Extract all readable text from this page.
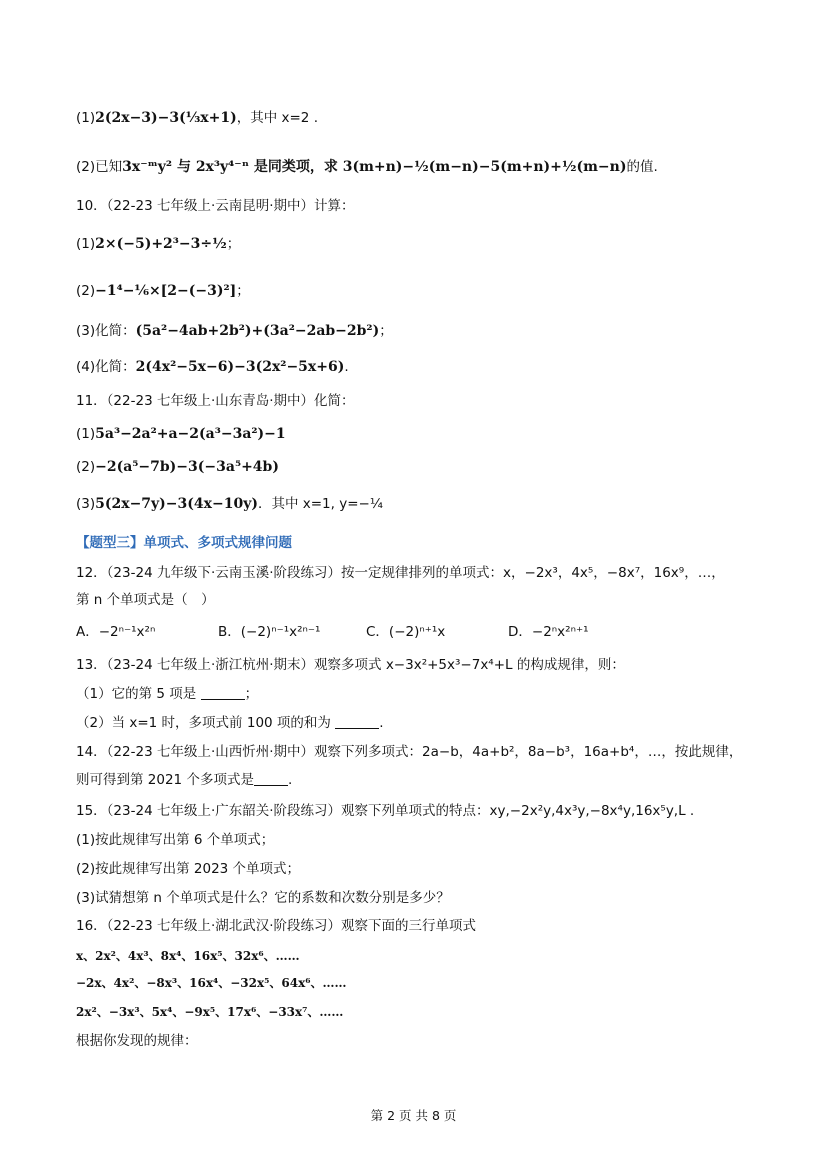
(1)2(2x−3)−3(⅓x+1)，其中 x=2 .
(2)已知3x⁻ᵐy² 与 2x³y⁴⁻ⁿ 是同类项，求 3(m+n)−½(m−n)−5(m+n)+½(m−n)的值.
10．（22-23 七年级上·云南昆明·期中）计算：
(1)2×(−5)+2³−3÷½；
(2)−1⁴−⅙×[2−(−3)²]；
(3)化简：(5a²−4ab+2b²)+(3a²−2ab−2b²)；
(4)化简：2(4x²−5x−6)−3(2x²−5x+6).
11．（22-23 七年级上·山东青岛·期中）化简：
(1)5a³−2a²+a−2(a³−3a²)−1
(2)−2(a⁵−7b)−3(−3a⁵+4b)
(3)5(2x−7y)−3(4x−10y)．其中 x=1, y=−¼
【题型三】单项式、多项式规律问题
12．（23-24 九年级下·云南玉溪·阶段练习）按一定规律排列的单项式：x，−2x³，4x⁵，−8x⁷，16x⁹，…，
第 n 个单项式是（　）
A．−2ⁿ⁻¹x²ⁿ	B．(−2)ⁿ⁻¹x²ⁿ⁻¹	C．(−2)ⁿ⁺¹x	D．−2ⁿx²ⁿ⁺¹
13．（23-24 七年级上·浙江杭州·期末）观察多项式 x−3x²+5x³−7x⁴+L 的构成规律，则：
（1）它的第 5 项是	；
（2）当 x=1 时，多项式前 100 项的和为	.
14．（22-23 七年级上·山西忻州·期中）观察下列多项式：2a−b，4a+b²，8a−b³，16a+b⁴，…，按此规律，
则可得到第 2021 个多项式是	.
15．（23-24 七年级上·广东韶关·阶段练习）观察下列单项式的特点：xy,−2x²y,4x³y,−8x⁴y,16x⁵y,L .
(1)按此规律写出第 6 个单项式；
(2)按此规律写出第 2023 个单项式；
(3)试猜想第 n 个单项式是什么？它的系数和次数分别是多少？
16．（22-23 七年级上·湖北武汉·阶段练习）观察下面的三行单项式
x、2x²、4x³、8x⁴、16x⁵、32x⁶、……
−2x、4x²、−8x³、16x⁴、−32x⁵、64x⁶、……
2x²、−3x³、5x⁴、−9x⁵、17x⁶、−33x⁷、……
根据你发现的规律：
第 2 页 共 8 页
